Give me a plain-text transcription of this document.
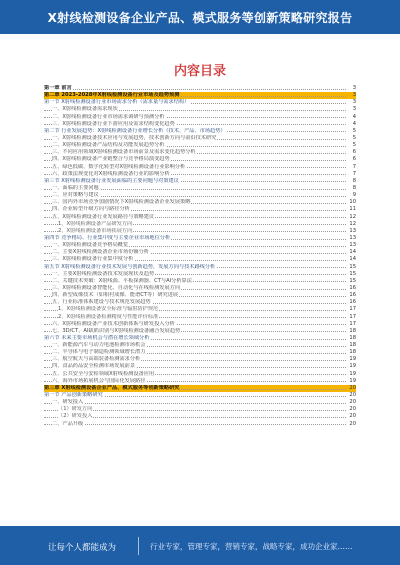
X射线检测设备企业产品、模式服务等创新策略研究报告
内容目录
第一章 前言	3
第二章 2023-2028年X射线检测设备行业市场及趋势预测	3
第一节 X射线检测设备行业市场需求分析（需求量与需求结构）	3
一、X射线检测设备需求现状	3
二、X射线检测设备行业市场需求调研与预测分析	4
三、X射线检测设备行业下游应用及需求结构变化趋势	4
第二节 行业发展趋势：X射线检测设备行业增长分析（技术、产品、市场趋势）	5
一、X射线检测设备技术应用与发展趋势，技术创新方向与前沿技术研究	5
二、X射线检测设备产品结构及功能发展趋势分析	5
三、不同应用领域X射线检测设备市场前景及需求变化趋势分析	6
四、X射线检测设备产业链整合与竞争格局演变趋势	6
五、绿色低碳、数字化转型对X射线检测设备行业影响分析	7
六、政策法规变化对X射线检测设备行业的影响分析	7
第三节 X射线检测设备行业发展面临的主要问题与对策建议	8
一、面临的主要问题	8
二、应对策略与建议	9
三、国内外市场竞争加剧情况下X射线检测设备企业发展策略	10
四、企业转型升级方向与路径分析	11
五、X射线检测设备行业发展路径与策略建议	12
1、X射线检测设备产品研发方向	12
2、X射线检测设备市场拓展方向	13
第四节 竞争格局、行业集中度与主要企业市场地位分析	13
一、X射线检测设备竞争格局概览	13
二、主要X射线检测设备企业市场份额分析	14
三、X射线检测设备行业集中度分析	14
第五节 X射线检测设备行业技术发展与创新趋势，发展方向与技术路线分析	15
一、主要X射线检测设备技术发展现状及趋势	15
二、关键技术突破：X射线源、平板探测器、CT与AI分析算法	15
三、X射线检测设备智能化、自动化与在线检测发展方向	16
四、新型成像技术（如相衬成像、能谱CT等）研究进展	16
五、行业标准体系建设与技术规范发展趋势	16
1、X射线检测设备安全标准与辐射防护规范	17
2、X射线检测设备检测精度与性能评价标准	17
六、X射线检测设备产业技术创新体系与研发投入分析	17
七、3D/CT、AI缺陷识别与X射线检测设备融合发展趋势	18
第六节 未来主要市场机会与潜在增长领域分析	18
一、新能源汽车与动力电池检测市场机会	18
二、半导体与电子制造检测领域增长潜力	18
三、航空航天与高端装备检测需求分析	19
四、食品药品安全检测市场发展前景	19
五、公共安全与安检领域X射线检测设备应用	19
六、海外市场拓展机会与国际化发展路径	19
第三章 X射线检测设备企业产品、模式服务等创新策略研究	20
第一节 产品创新策略研究	20
一、研发投入	20
（1）研发方向	20
（2）研发投入	20
二、产品升级	20
让每个人都能成为	行业专家，管理专家，营销专家，战略专家，成功企业家……
